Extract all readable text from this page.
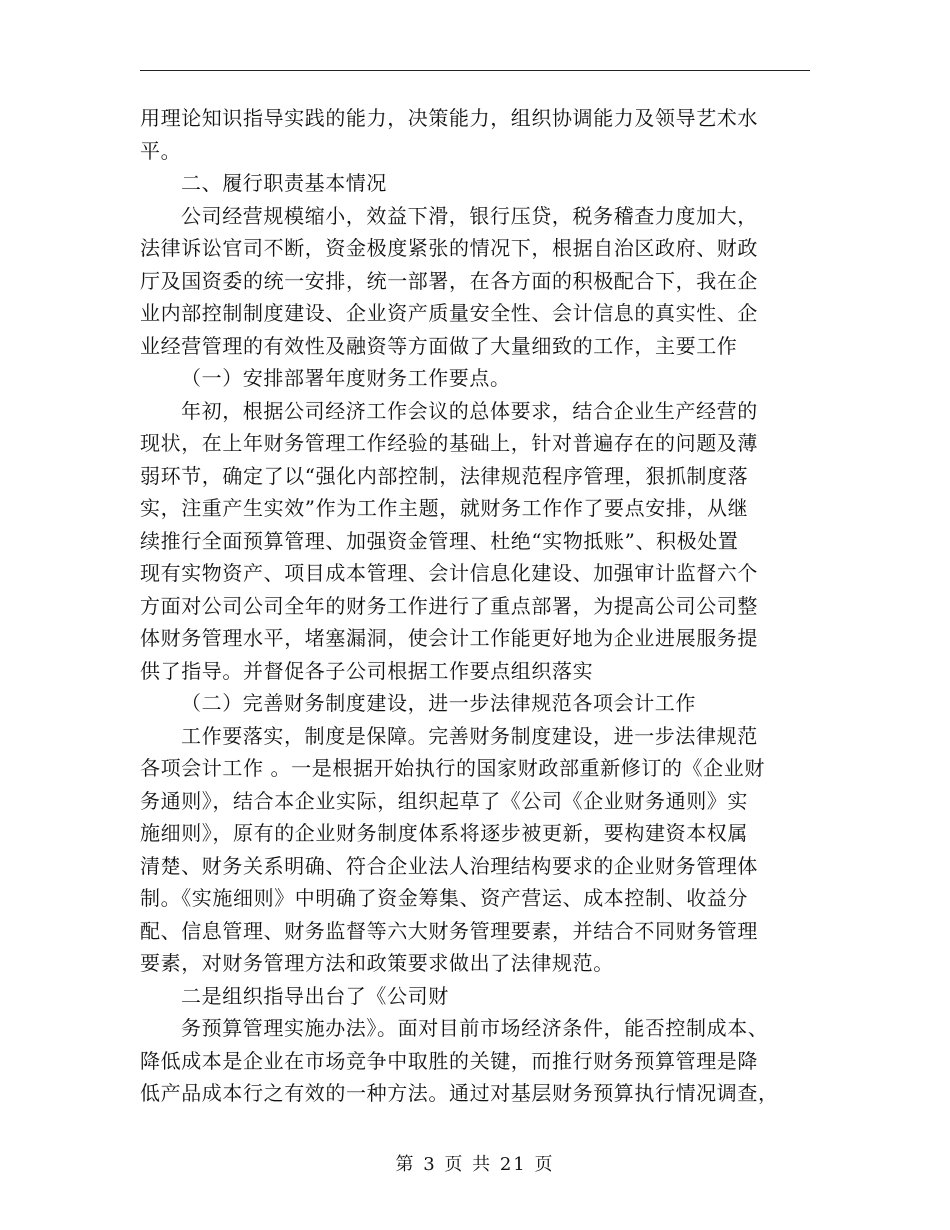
用理论知识指导实践的能力，决策能力，组织协调能力及领导艺术水
平。
二、履行职责基本情况
公司经营规模缩小，效益下滑，银行压贷，税务稽查力度加大，
法律诉讼官司不断，资金极度紧张的情况下，根据自治区政府、财政
厅及国资委的统一安排，统一部署，在各方面的积极配合下，我在企
业内部控制制度建设、企业资产质量安全性、会计信息的真实性、企
业经营管理的有效性及融资等方面做了大量细致的工作，主要工作
（一）安排部署年度财务工作要点。
年初，根据公司经济工作会议的总体要求，结合企业生产经营的
现状，在上年财务管理工作经验的基础上，针对普遍存在的问题及薄
弱环节，确定了以“强化内部控制，法律规范程序管理，狠抓制度落
实，注重产生实效”作为工作主题，就财务工作作了要点安排，从继
续推行全面预算管理、加强资金管理、杜绝“实物抵账”、积极处置
现有实物资产、项目成本管理、会计信息化建设、加强审计监督六个
方面对公司公司全年的财务工作进行了重点部署，为提高公司公司整
体财务管理水平，堵塞漏洞，使会计工作能更好地为企业进展服务提
供了指导。并督促各子公司根据工作要点组织落实
（二）完善财务制度建设，进一步法律规范各项会计工作
工作要落实，制度是保障。完善财务制度建设，进一步法律规范
各项会计工作 。一是根据开始执行的国家财政部重新修订的《企业财
务通则》，结合本企业实际，组织起草了《公司《企业财务通则》实
施细则》，原有的企业财务制度体系将逐步被更新，要构建资本权属
清楚、财务关系明确、符合企业法人治理结构要求的企业财务管理体
制。《实施细则》中明确了资金筹集、资产营运、成本控制、收益分
配、信息管理、财务监督等六大财务管理要素，并结合不同财务管理
要素，对财务管理方法和政策要求做出了法律规范。
二是组织指导出台了《公司财
务预算管理实施办法》。面对目前市场经济条件，能否控制成本、
降低成本是企业在市场竞争中取胜的关键，而推行财务预算管理是降
低产品成本行之有效的一种方法。通过对基层财务预算执行情况调查，
第 3 页 共 21 页
